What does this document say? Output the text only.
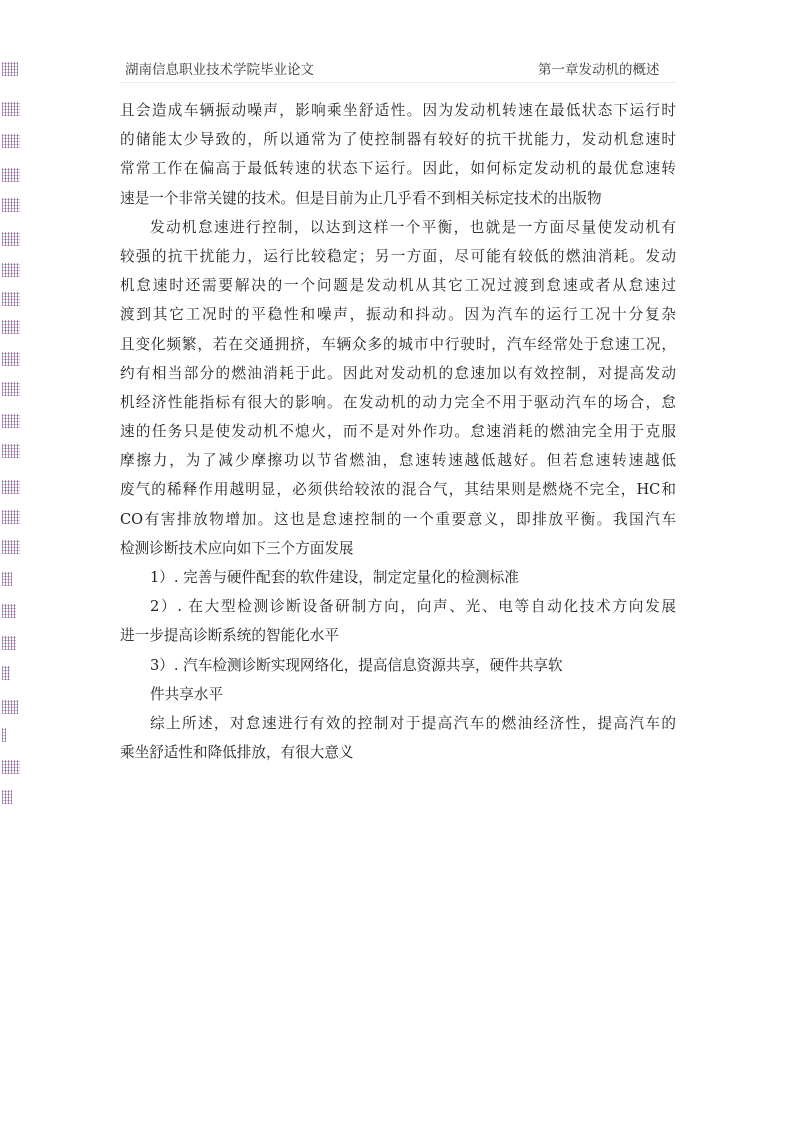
湖南信息职业技术学院毕业论文	第一章发动机的概述
且会造成车辆振动噪声，影响乘坐舒适性。因为发动机转速在最低状态下运行时
的储能太少导致的，所以通常为了使控制器有较好的抗干扰能力，发动机怠速时
常常工作在偏高于最低转速的状态下运行。因此，如何标定发动机的最优怠速转
速是一个非常关键的技术。但是目前为止几乎看不到相关标定技术的出版物
发动机怠速进行控制，以达到这样一个平衡，也就是一方面尽量使发动机有
较强的抗干扰能力，运行比较稳定；另一方面，尽可能有较低的燃油消耗。发动
机怠速时还需要解决的一个问题是发动机从其它工况过渡到怠速或者从怠速过
渡到其它工况时的平稳性和噪声，振动和抖动。因为汽车的运行工况十分复杂
且变化频繁，若在交通拥挤，车辆众多的城市中行驶时，汽车经常处于怠速工况，
约有相当部分的燃油消耗于此。因此对发动机的怠速加以有效控制，对提高发动
机经济性能指标有很大的影响。在发动机的动力完全不用于驱动汽车的场合，怠
速的任务只是使发动机不熄火，而不是对外作功。怠速消耗的燃油完全用于克服
摩擦力，为了减少摩擦功以节省燃油，怠速转速越低越好。但若怠速转速越低
废气的稀释作用越明显，必须供给较浓的混合气，其结果则是燃烧不完全，HC和
CO有害排放物增加。这也是怠速控制的一个重要意义，即排放平衡。我国汽车
检测诊断技术应向如下三个方面发展
1）. 完善与硬件配套的软件建设，制定定量化的检测标准
2）. 在大型检测诊断设备研制方向，向声、光、电等自动化技术方向发展
进一步提高诊断系统的智能化水平
3）. 汽车检测诊断实现网络化，提高信息资源共享，硬件共享软
件共享水平
综上所述，对怠速进行有效的控制对于提高汽车的燃油经济性，提高汽车的
乘坐舒适性和降低排放，有很大意义
